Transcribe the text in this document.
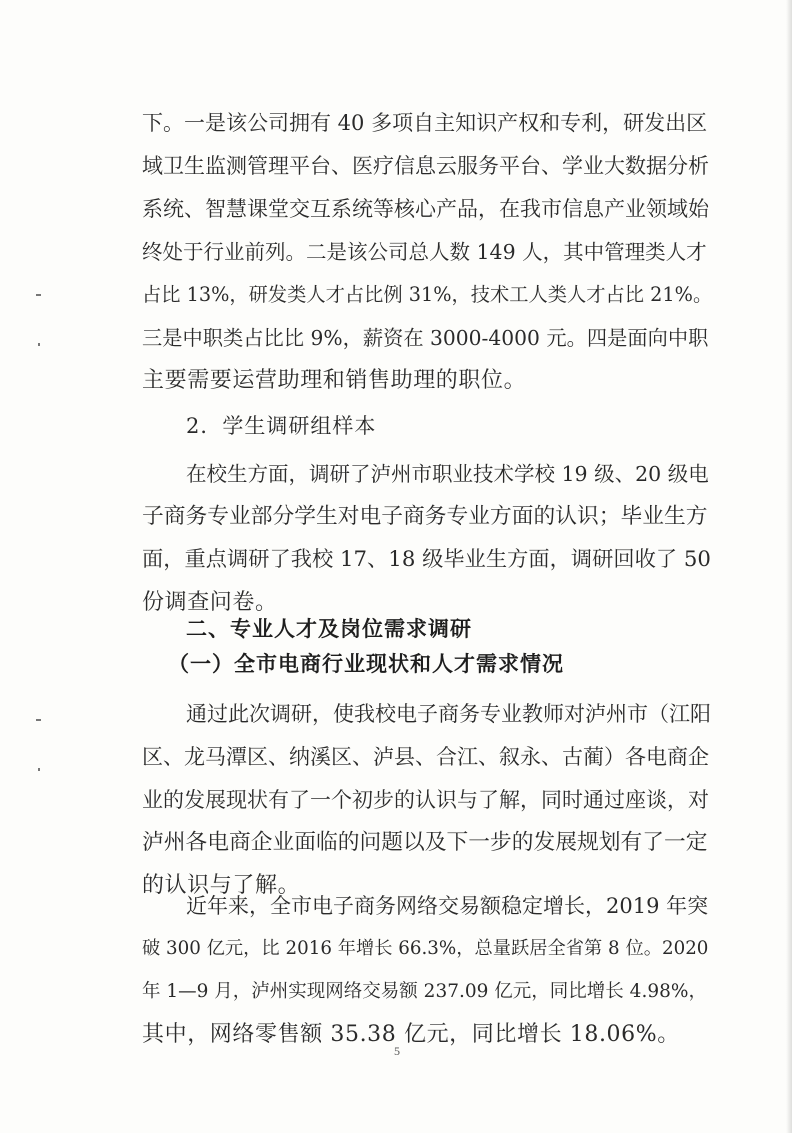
下。一是该公司拥有 40 多项自主知识产权和专利，研发出区
域卫生监测管理平台、医疗信息云服务平台、学业大数据分析
系统、智慧课堂交互系统等核心产品，在我市信息产业领域始
终处于行业前列。二是该公司总人数 149 人，其中管理类人才
占比 13%，研发类人才占比例 31%，技术工人类人才占比 21%。
三是中职类占比比 9%，薪资在 3000-4000 元。四是面向中职
主要需要运营助理和销售助理的职位。
2．学生调研组样本
在校生方面，调研了泸州市职业技术学校 19 级、20 级电
子商务专业部分学生对电子商务专业方面的认识；毕业生方
面，重点调研了我校 17、18 级毕业生方面，调研回收了 50
份调查问卷。
二、专业人才及岗位需求调研
（一）全市电商行业现状和人才需求情况
通过此次调研，使我校电子商务专业教师对泸州市（江阳
区、龙马潭区、纳溪区、泸县、合江、叙永、古蔺）各电商企
业的发展现状有了一个初步的认识与了解，同时通过座谈，对
泸州各电商企业面临的问题以及下一步的发展规划有了一定
的认识与了解。
近年来，全市电子商务网络交易额稳定增长，2019 年突
破 300 亿元，比 2016 年增长 66.3%，总量跃居全省第 8 位。2020
年 1—9 月，泸州实现网络交易额 237.09 亿元，同比增长 4.98%，
其中，网络零售额 35.38 亿元，同比增长 18.06%。
5
